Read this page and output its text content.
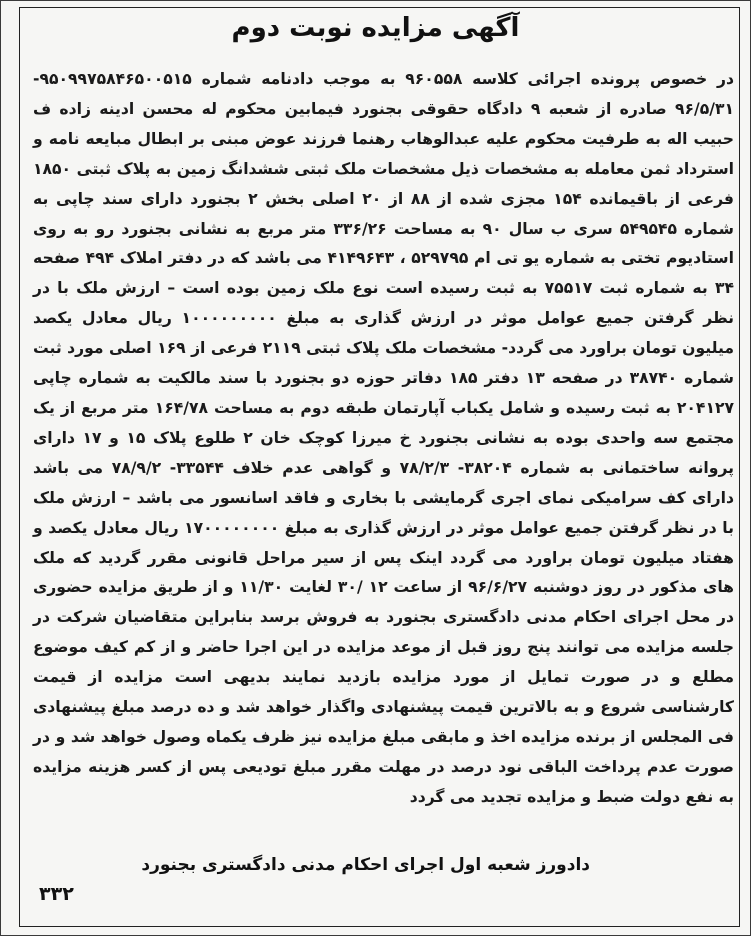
آگهی مزایده نوبت دوم
در خصوص پرونده اجرائی کلاسه ۹۶۰۵۵۸ به موجب دادنامه شماره ۹۵۰۹۹۷۵۸۴۶۵۰۰۵۱۵- ۹۶/۵/۳۱ صادره از شعبه ۹ دادگاه حقوقی بجنورد فیمابین محکوم له محسن ادینه زاده ف حبیب اله به طرفیت محکوم علیه عبدالوهاب رهنما فرزند عوض مبنی بر ابطال مبایعه نامه و استرداد ثمن معامله به مشخصات ذیل مشخصات ملک ثبتی ششدانگ زمین به پلاک ثبتی ۱۸۵۰ فرعی از باقیمانده ۱۵۴ مجزی شده از ۸۸ از ۲۰ اصلی بخش ۲ بجنورد دارای سند چاپی به شماره ۵۴۹۵۴۵ سری ب سال ۹۰ به مساحت ۳۳۶/۲۶ متر مربع به نشانی بجنورد رو به روی استادیوم تختی به شماره یو تی ام ۵۲۹۷۹۵ ، ۴۱۴۹۶۴۳ می باشد که در دفتر املاک ۴۹۴ صفحه ۳۴ به شماره ثبت ۷۵۵۱۷ به ثبت رسیده است نوع ملک زمین بوده است – ارزش ملک با در نظر گرفتن جمیع عوامل موثر در ارزش گذاری به مبلغ ۱۰۰۰۰۰۰۰۰۰ ریال معادل یکصد میلیون تومان براورد می گردد- مشخصات ملک پلاک ثبتی ۲۱۱۹ فرعی از ۱۶۹ اصلی مورد ثبت شماره ۳۸۷۴۰ در صفحه ۱۳ دفتر ۱۸۵ دفاتر حوزه دو بجنورد با سند مالکیت به شماره چاپی ۲۰۴۱۲۷ به ثبت رسیده و شامل یکباب آپارتمان طبقه دوم به مساحت ۱۶۴/۷۸ متر مربع از یک مجتمع سه واحدی بوده به نشانی بجنورد خ میرزا کوچک خان ۲ طلوع پلاک ۱۵ و ۱۷ دارای پروانه ساختمانی به شماره ۳۸۲۰۴- ۷۸/۲/۳ و گواهی عدم خلاف ۳۳۵۴۴- ۷۸/۹/۲ می باشد دارای کف سرامیکی نمای اجری گرمایشی با بخاری و فاقد اسانسور می باشد – ارزش ملک با در نظر گرفتن جمیع عوامل موثر در ارزش گذاری به مبلغ ۱۷۰۰۰۰۰۰۰۰ ریال معادل یکصد و هفتاد میلیون تومان براورد می گردد اینک پس از سیر مراحل قانونی مقرر گردید که ملک های مذکور در روز دوشنبه ۹۶/۶/۲۷ از ساعت ۱۲ /۳۰ لغایت ۱۱/۳۰ و از طریق مزایده حضوری در محل اجرای احکام مدنی دادگستری بجنورد به فروش برسد بنابراین متقاضیان شرکت در جلسه مزایده می توانند پنج روز قبل از موعد مزایده در این اجرا حاضر و از کم کیف موضوع مطلع و در صورت تمایل از مورد مزایده بازدید نمایند بدیهی است مزایده از قیمت کارشناسی شروع و به بالاترین قیمت پیشنهادی واگذار خواهد شد و ده درصد مبلغ پیشنهادی فی المجلس از برنده مزایده اخذ و مابقی مبلغ مزایده نیز ظرف یکماه وصول خواهد شد و در صورت عدم پرداخت الباقی نود درصد در مهلت مقرر مبلغ تودیعی پس از کسر هزینه مزایده به نفع دولت ضبط و مزایده تجدید می گردد
دادورز شعبه اول اجرای احکام مدنی دادگستری بجنورد
۳۳۲
